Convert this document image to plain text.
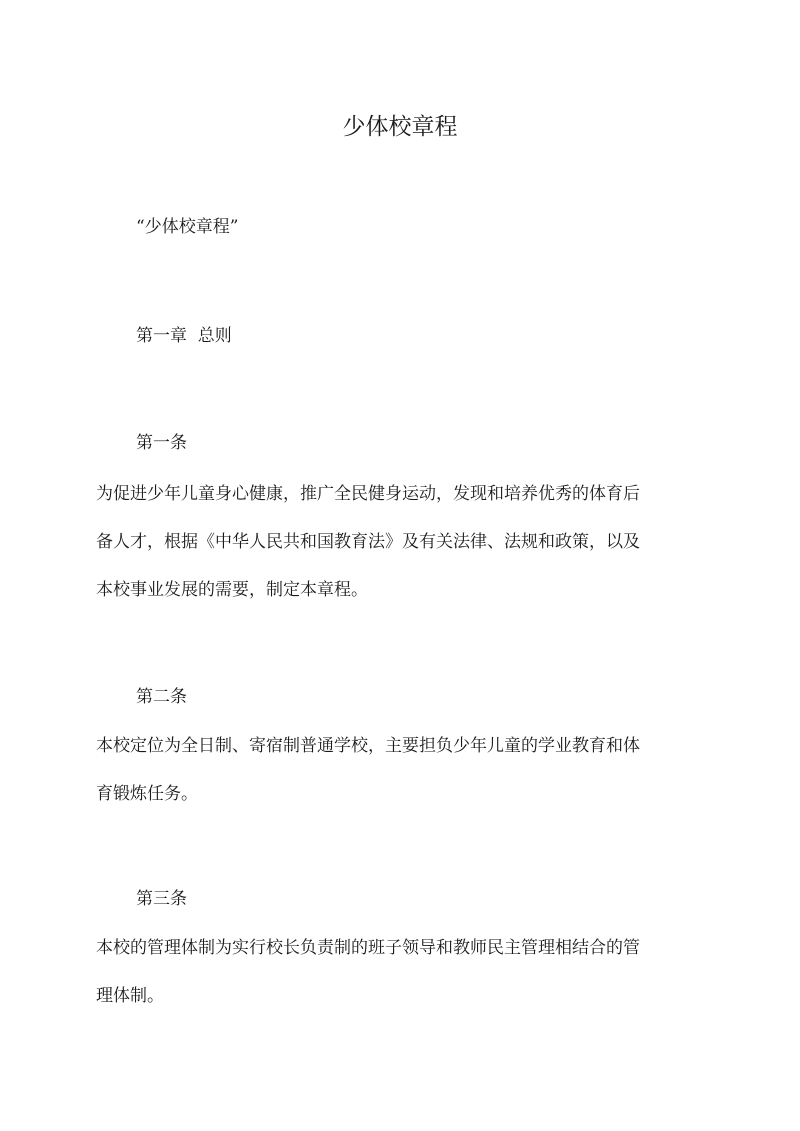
少体校章程
“少体校章程”
第一章  总则
第一条
为促进少年儿童身心健康，推广全民健身运动，发现和培养优秀的体育后
备人才，根据《中华人民共和国教育法》及有关法律、法规和政策，以及
本校事业发展的需要，制定本章程。
第二条
本校定位为全日制、寄宿制普通学校，主要担负少年儿童的学业教育和体
育锻炼任务。
第三条
本校的管理体制为实行校长负责制的班子领导和教师民主管理相结合的管
理体制。
